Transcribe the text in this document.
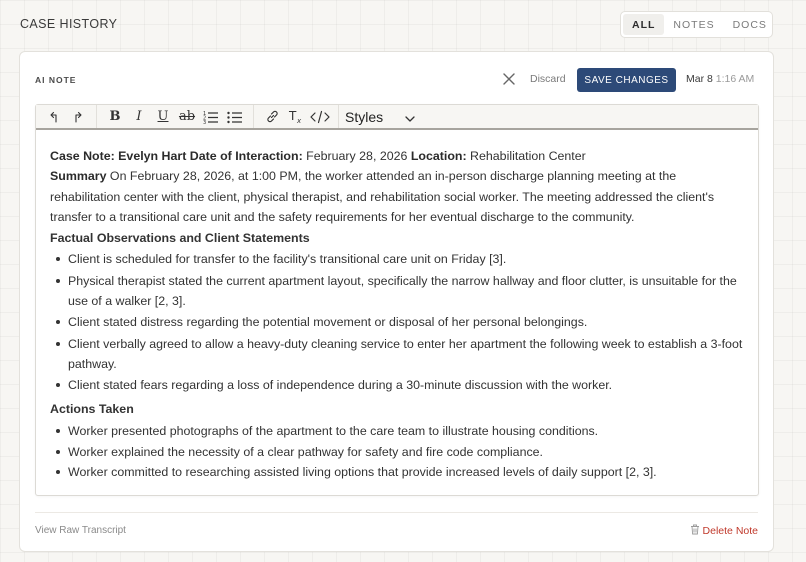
CASE HISTORY	ALL	NOTES	DOCS
AI NOTE	Discard	SAVE CHANGES	Mar 8 1:16 AM
B	I	U ab	1
2
3	T x	Styles
Case Note: Evelyn Hart Date of Interaction: February 28, 2026 Location: Rehabilitation Center
Summary On February 28, 2026, at 1:00 PM, the worker attended an in-person discharge planning meeting at the rehabilitation center with the client, physical therapist, and rehabilitation social worker. The meeting addressed the client's transfer to a transitional care unit and the safety requirements for her eventual discharge to the community.
Factual Observations and Client Statements
Client is scheduled for transfer to the facility's transitional care unit on Friday [3].
Physical therapist stated the current apartment layout, specifically the narrow hallway and floor clutter, is unsuitable for the use of a walker [2, 3].
Client stated distress regarding the potential movement or disposal of her personal belongings.
Client verbally agreed to allow a heavy-duty cleaning service to enter her apartment the following week to establish a 3-foot pathway.
Client stated fears regarding a loss of independence during a 30-minute discussion with the worker.
Actions Taken
Worker presented photographs of the apartment to the care team to illustrate housing conditions.
Worker explained the necessity of a clear pathway for safety and fire code compliance.
Worker committed to researching assisted living options that provide increased levels of daily support [2, 3].
View Raw Transcript	Delete Note
